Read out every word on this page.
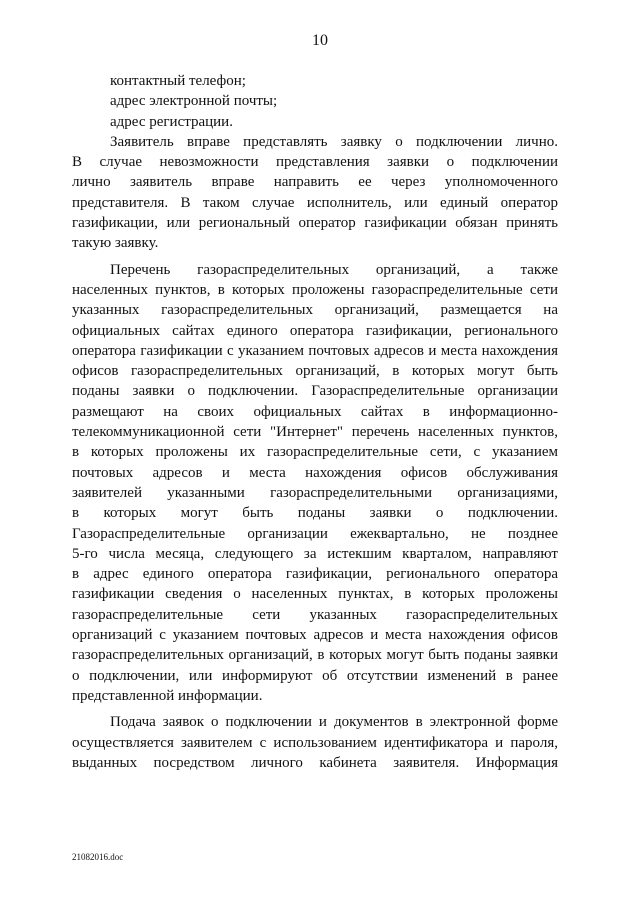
10
контактный телефон;
адрес электронной почты;
адрес регистрации.
Заявитель вправе представлять заявку о подключении лично.
В случае невозможности представления заявки о подключении
лично заявитель вправе направить ее через уполномоченного
представителя. В таком случае исполнитель, или единый оператор
газификации, или региональный оператор газификации обязан принять
такую заявку.
Перечень газораспределительных организаций, а также
населенных пунктов, в которых проложены газораспределительные сети
указанных газораспределительных организаций, размещается на
официальных сайтах единого оператора газификации, регионального
оператора газификации с указанием почтовых адресов и места нахождения
офисов газораспределительных организаций, в которых могут быть
поданы заявки о подключении. Газораспределительные организации
размещают на своих официальных сайтах в информационно-
телекоммуникационной сети "Интернет" перечень населенных пунктов,
в которых проложены их газораспределительные сети, с указанием
почтовых адресов и места нахождения офисов обслуживания
заявителей указанными газораспределительными организациями,
в которых могут быть поданы заявки о подключении.
Газораспределительные организации ежеквартально, не позднее
5-го числа месяца, следующего за истекшим кварталом, направляют
в адрес единого оператора газификации, регионального оператора
газификации сведения о населенных пунктах, в которых проложены
газораспределительные сети указанных газораспределительных
организаций с указанием почтовых адресов и места нахождения офисов
газораспределительных организаций, в которых могут быть поданы заявки
о подключении, или информируют об отсутствии изменений в ранее
представленной информации.
Подача заявок о подключении и документов в электронной форме
осуществляется заявителем с использованием идентификатора и пароля,
выданных посредством личного кабинета заявителя. Информация
21082016.doc
